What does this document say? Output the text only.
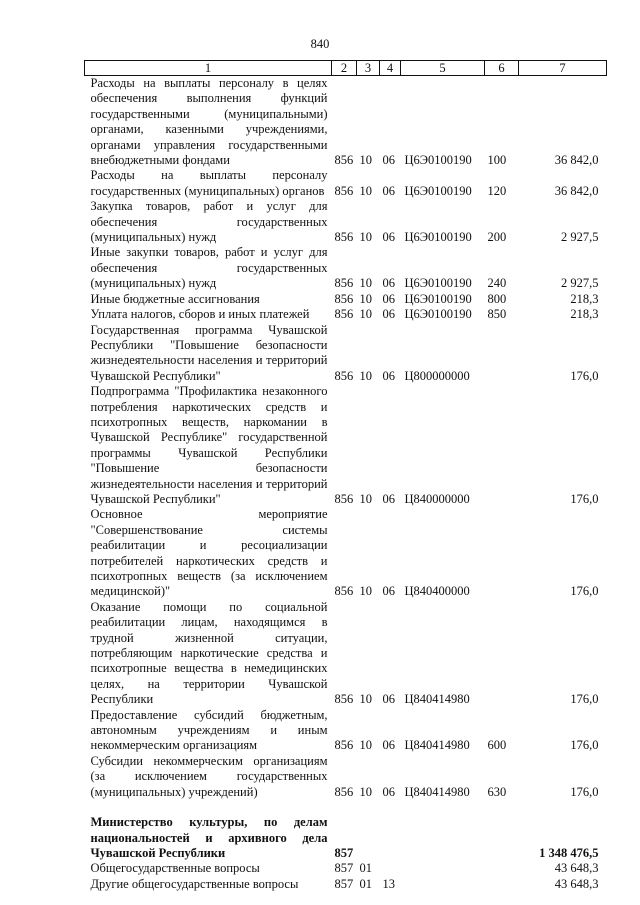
840
1	2	3	4	5	6	7
Расходы на выплаты персоналу в целях обеспечения выполнения функций государственными (муниципальными) органами, казенными учреждениями, органами управления государственными внебюджетными фондами	856	10	06	Ц6Э0100190	100	36 842,0
Расходы на выплаты персоналу государственных (муниципальных) органов	856	10	06	Ц6Э0100190	120	36 842,0
Закупка товаров, работ и услуг для обеспечения государственных (муниципальных) нужд	856	10	06	Ц6Э0100190	200	2 927,5
Иные закупки товаров, работ и услуг для обеспечения государственных (муниципальных) нужд	856	10	06	Ц6Э0100190	240	2 927,5
Иные бюджетные ассигнования	856	10	06	Ц6Э0100190	800	218,3
Уплата налогов, сборов и иных платежей	856	10	06	Ц6Э0100190	850	218,3
Государственная программа Чувашской Республики "Повышение безопасности жизнедеятельности населения и территорий Чувашской Республики"	856	10	06	Ц800000000		176,0
Подпрограмма "Профилактика незаконного потребления наркотических средств и психотропных веществ, наркомании в Чувашской Республике" государственной программы Чувашской Республики "Повышение безопасности жизнедеятельности населения и территорий Чувашской Республики"	856	10	06	Ц840000000		176,0
Основное мероприятие "Совершенствование системы реабилитации и ресоциализации потребителей наркотических средств и психотропных веществ (за исключением медицинской)"	856	10	06	Ц840400000		176,0
Оказание помощи по социальной реабилитации лицам, находящимся в трудной жизненной ситуации, потребляющим наркотические средства и психотропные вещества в немедицинских целях, на территории Чувашской Республики	856	10	06	Ц840414980		176,0
Предоставление субсидий бюджетным, автономным учреждениям и иным некоммерческим организациям	856	10	06	Ц840414980	600	176,0
Субсидии некоммерческим организациям (за исключением государственных (муниципальных) учреждений)	856	10	06	Ц840414980	630	176,0

Министерство культуры, по делам национальностей и архивного дела Чувашской Республики	857					1 348 476,5
Общегосударственные вопросы	857	01				43 648,3
Другие общегосударственные вопросы	857	01	13			43 648,3
